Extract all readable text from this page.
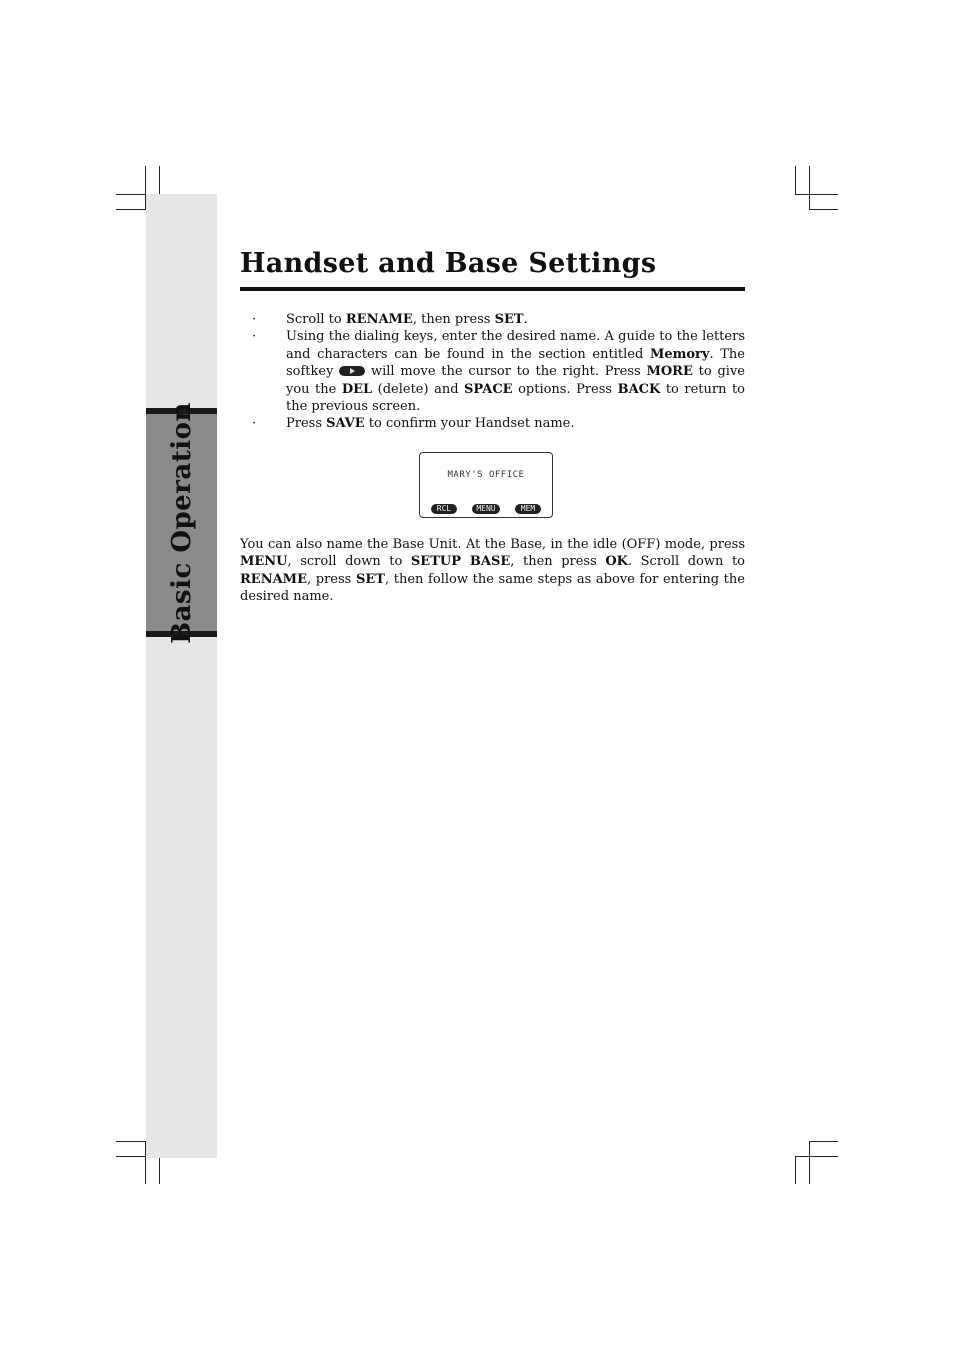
Basic Operation
Handset and Base Settings
· Scroll to RENAME, then press SET.
· Using the dialing keys, enter the desired name. A guide to the letters and characters can be found in the section entitled Memory. The softkey  will move the cursor to the right. Press MORE to give you the DEL (delete) and SPACE options. Press BACK to return to the previous screen.
· Press SAVE to confirm your Handset name.
MARY'S OFFICE
RCL	MENU	MEM

You can also name the Base Unit. At the Base, in the idle (OFF) mode, press MENU, scroll down to SETUP BASE, then press OK. Scroll down to RENAME, press SET, then follow the same steps as above for entering the desired name.
